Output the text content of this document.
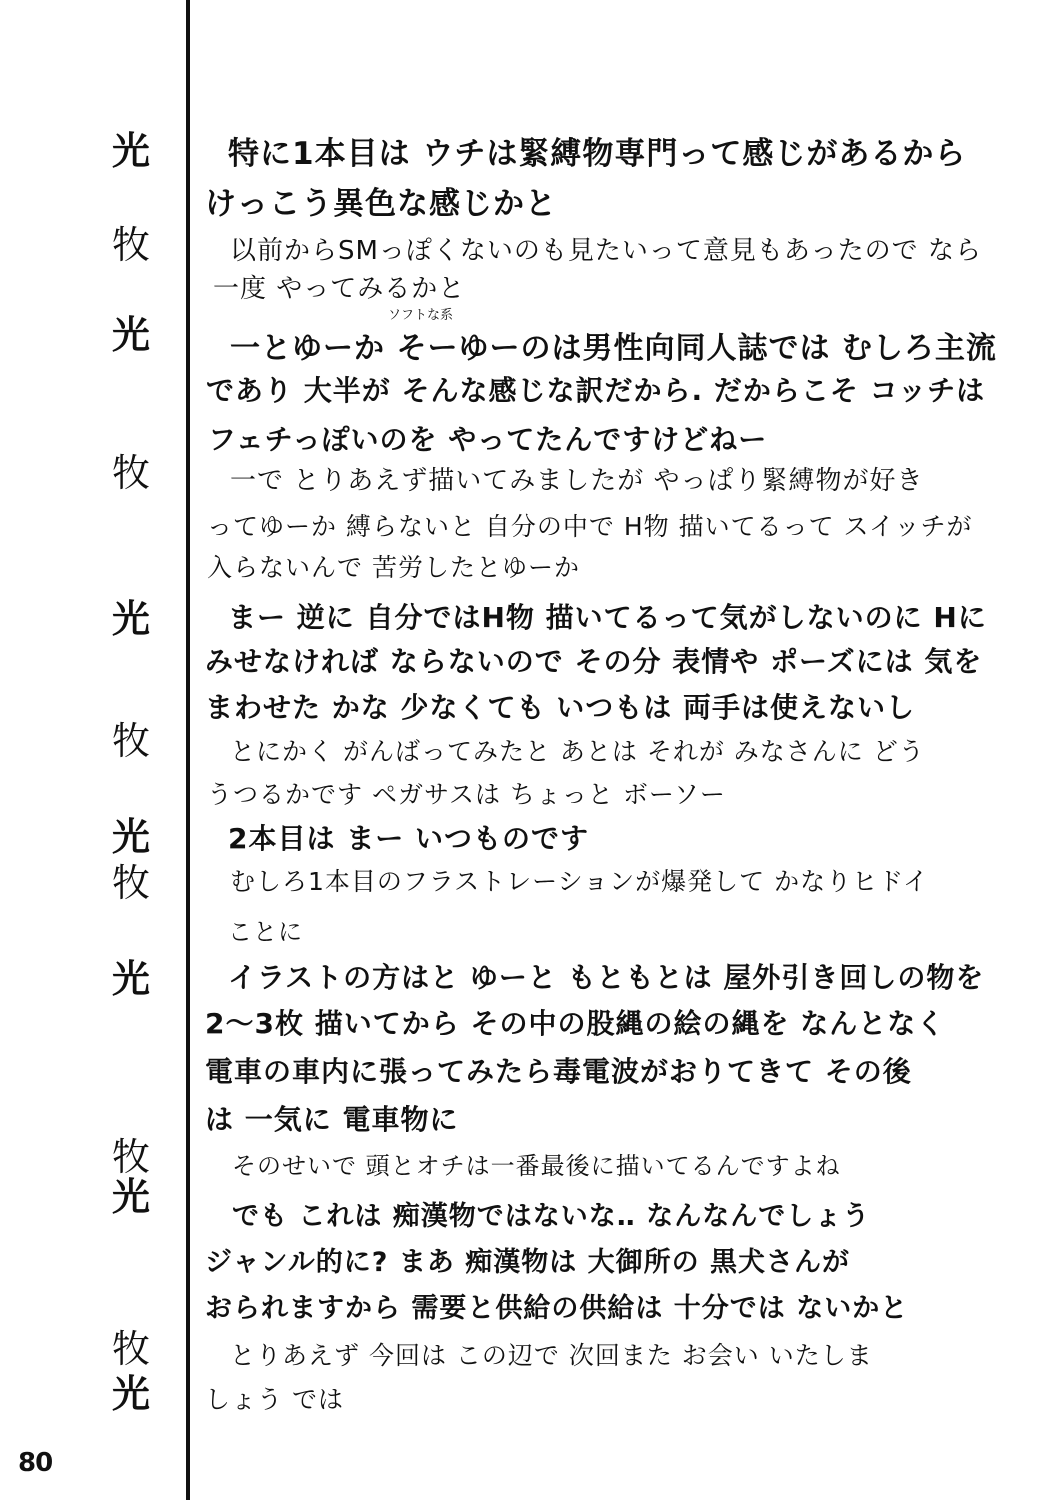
光
牧
光
牧
光
牧
光
牧
光
牧
光
牧
光
ソフトな系
特に1本目は ウチは緊縛物専門って感じがあるから
けっこう異色な感じかと
以前からSMっぽくないのも見たいって意見もあったので なら
一度 やってみるかと
一とゆーか そーゆーのは男性向同人誌では むしろ主流
であり 大半が そんな感じな訳だから. だからこそ コッチは
フェチっぽいのを やってたんですけどねー
一で とりあえず描いてみましたが やっぱり緊縛物が好き
ってゆーか 縛らないと 自分の中で H物 描いてるって スイッチが
入らないんで 苦労したとゆーか
まー 逆に 自分ではH物 描いてるって気がしないのに Hに
みせなければ ならないので その分 表情や ポーズには 気を
まわせた かな 少なくても いつもは 両手は使えないし
とにかく がんばってみたと あとは それが みなさんに どう
うつるかです ペガサスは ちょっと ボーソー
2本目は まー いつものです
むしろ1本目のフラストレーションが爆発して かなりヒドイ
ことに
イラストの方はと ゆーと もともとは 屋外引き回しの物を
2〜3枚 描いてから その中の股縄の絵の縄を なんとなく
電車の車内に張ってみたら毒電波がおりてきて その後
は 一気に 電車物に
そのせいで 頭とオチは一番最後に描いてるんですよね
でも これは 痴漢物ではないな‥ なんなんでしょう
ジャンル的に? まあ 痴漢物は 大御所の 黒犬さんが
おられますから 需要と供給の供給は 十分では ないかと
とりあえず 今回は この辺で 次回また お会い いたしま
しょう では
80
